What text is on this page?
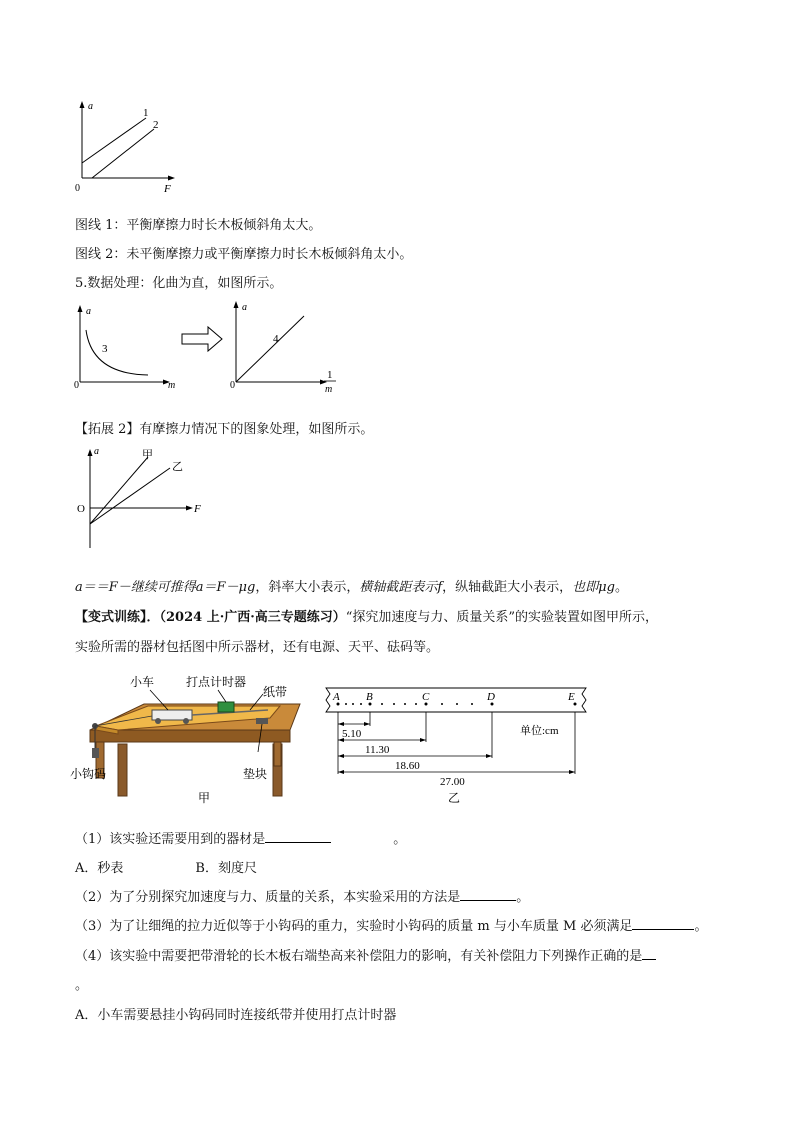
a
F
0
1
2
图线 1：平衡摩擦力时长木板倾斜角太大。
图线 2：未平衡摩擦力或平衡摩擦力时长木板倾斜角太小。
5.数据处理：化曲为直，如图所示。
a
m
0
3
a
0
4
1
m
【拓展 2】有摩擦力情况下的图象处理，如图所示。
a
F
O
甲
乙
a＝＝F－继续可推得a＝F－μg，斜率大小表示，横轴截距表示f，纵轴截距大小表示，也即μg。
【变式训练】．（2024 上·广西·高三专题练习）“探究加速度与力、质量关系”的实验装置如图甲所示，
实验所需的器材包括图中所示器材，还有电源、天平、砝码等。
小车	打点计时器
纸带
小钩码	垫块
甲
A B	C	D	E
单位:cm
5.10
11.30
18.60
27.00
乙
（1）该实验还需要用到的器材是	。
A．秒表	B．刻度尺
（2）为了分别探究加速度与力、质量的关系，本实验采用的方法是	。
（3）为了让细绳的拉力近似等于小钩码的重力，实验时小钩码的质量 m 与小车质量 M 必须满足	。
（4）该实验中需要把带滑轮的长木板右端垫高来补偿阻力的影响，有关补偿阻力下列操作正确的是
。
A．小车需要悬挂小钩码同时连接纸带并使用打点计时器
